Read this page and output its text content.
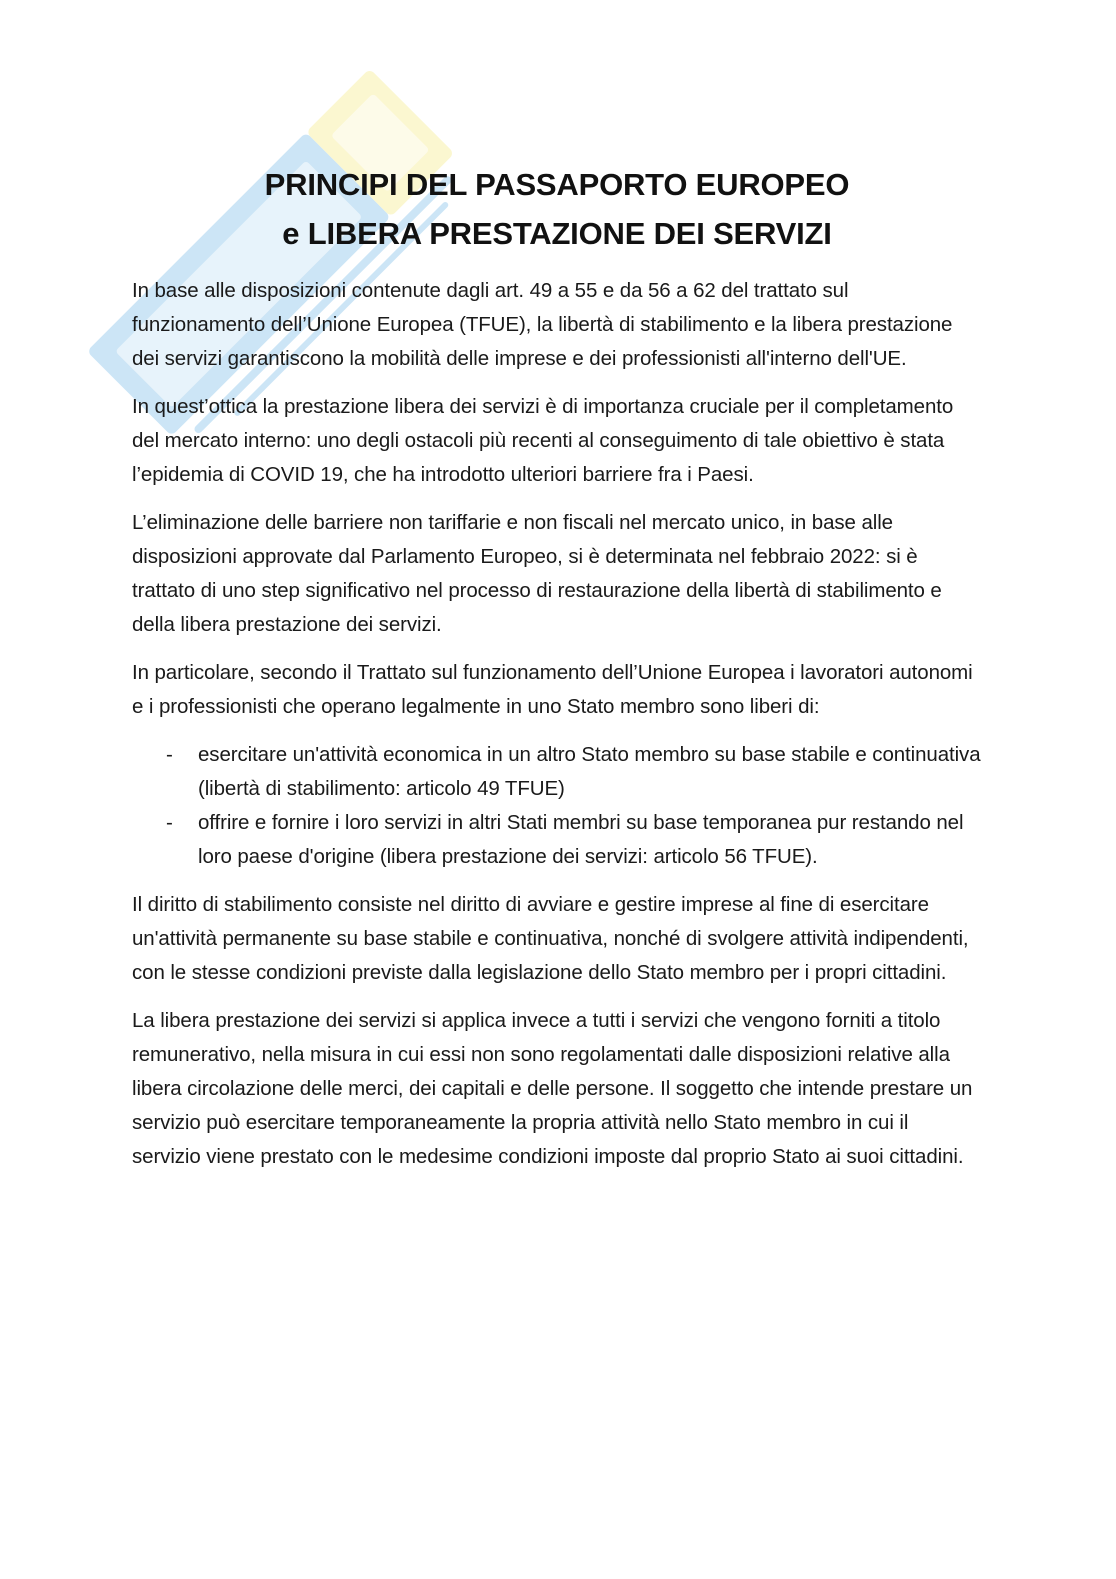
PRINCIPI DEL PASSAPORTO EUROPEO
e LIBERA PRESTAZIONE DEI SERVIZI

In base alle disposizioni contenute dagli art. 49 a 55 e da 56 a 62 del trattato sul funzionamento dell’Unione Europea (TFUE), la libertà di stabilimento e la libera prestazione dei servizi garantiscono la mobilità delle imprese e dei professionisti all'interno dell'UE.

In quest’ottica la prestazione libera dei servizi è di importanza cruciale per il completamento del mercato interno: uno degli ostacoli più recenti al conseguimento di tale obiettivo è stata l’epidemia di COVID 19, che ha introdotto ulteriori barriere fra i Paesi.

L’eliminazione delle barriere non tariffarie e non fiscali nel mercato unico, in base alle disposizioni approvate dal Parlamento Europeo, si è determinata nel febbraio 2022: si è trattato di uno step significativo nel processo di restaurazione della libertà di stabilimento e della libera prestazione dei servizi.

In particolare, secondo il Trattato sul funzionamento dell’Unione Europea i lavoratori autonomi e i professionisti che operano legalmente in uno Stato membro sono liberi di:

- esercitare un'attività economica in un altro Stato membro su base stabile e continuativa (libertà di stabilimento: articolo 49 TFUE)
- offrire e fornire i loro servizi in altri Stati membri su base temporanea pur restando nel loro paese d'origine (libera prestazione dei servizi: articolo 56 TFUE).

Il diritto di stabilimento consiste nel diritto di avviare e gestire imprese al fine di esercitare un'attività permanente su base stabile e continuativa, nonché di svolgere attività indipendenti, con le stesse condizioni previste dalla legislazione dello Stato membro per i propri cittadini.

La libera prestazione dei servizi si applica invece a tutti i servizi che vengono forniti a titolo remunerativo, nella misura in cui essi non sono regolamentati dalle disposizioni relative alla libera circolazione delle merci, dei capitali e delle persone. Il soggetto che intende prestare un servizio può esercitare temporaneamente la propria attività nello Stato membro in cui il servizio viene prestato con le medesime condizioni imposte dal proprio Stato ai suoi cittadini.
